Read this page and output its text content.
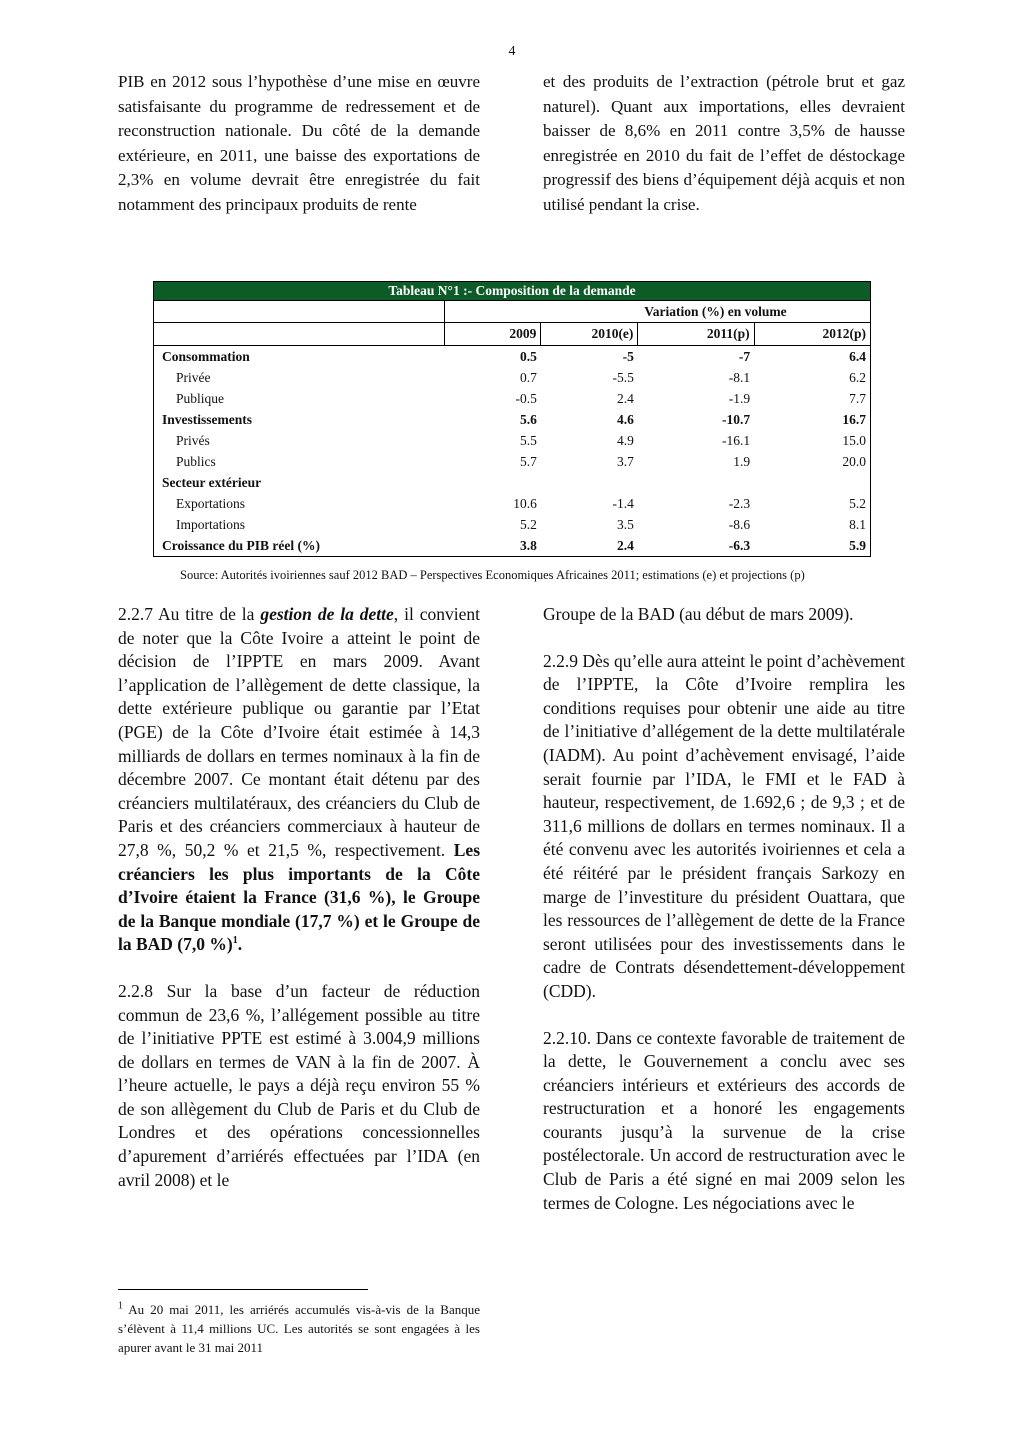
4

PIB en 2012 sous l’hypothèse d’une mise en œuvre satisfaisante du programme de redressement et de reconstruction nationale. Du côté de la demande extérieure, en 2011, une baisse des exportations de 2,3% en volume devrait être enregistrée du fait notamment des principaux produits de rente

et des produits de l’extraction (pétrole brut et gaz naturel). Quant aux importations, elles devraient baisser de 8,6% en 2011 contre 3,5% de hausse enregistrée en 2010 du fait de l’effet de déstockage progressif des biens d’équipement déjà acquis et non utilisé pendant la crise.

Tableau N°1 :- Composition de la demande				
	Variation (%) en volume			
	2009	2010(e)	2011(p)	2012(p)
Consommation	0.5	-5	-7	6.4
Privée	0.7	-5.5	-8.1	6.2
Publique	-0.5	2.4	-1.9	7.7
Investissements	5.6	4.6	-10.7	16.7
Privés	5.5	4.9	-16.1	15.0
Publics	5.7	3.7	1.9	20.0
Secteur extérieur				
Exportations	10.6	-1.4	-2.3	5.2
Importations	5.2	3.5	-8.6	8.1
Croissance du PIB réel (%)	3.8	2.4	-6.3	5.9
Source: Autorités ivoiriennes sauf 2012 BAD – Perspectives Economiques Africaines 2011; estimations (e) et projections (p)

2.2.7 Au titre de la gestion de la dette, il convient de noter que la Côte Ivoire a atteint le point de décision de l’IPPTE en mars 2009. Avant l’application de l’allègement de dette classique, la dette extérieure publique ou garantie par l’Etat (PGE) de la Côte d’Ivoire était estimée à 14,3 milliards de dollars en termes nominaux à la fin de décembre 2007. Ce montant était détenu par des créanciers multilatéraux, des créanciers du Club de Paris et des créanciers commerciaux à hauteur de 27,8 %, 50,2 % et 21,5 %, respectivement. Les créanciers les plus importants de la Côte d’Ivoire étaient la France (31,6 %), le Groupe de la Banque mondiale (17,7 %) et le Groupe de la BAD (7,0 %)$^1$.

2.2.8 Sur la base d’un facteur de réduction commun de 23,6 %, l’allégement possible au titre de l’initiative PPTE est estimé à 3.004,9 millions de dollars en termes de VAN à la fin de 2007. À l’heure actuelle, le pays a déjà reçu environ 55 % de son allègement du Club de Paris et du Club de Londres et des opérations concessionnelles d’apurement d’arriérés effectuées par l’IDA (en avril 2008) et le

Groupe de la BAD (au début de mars 2009).

2.2.9 Dès qu’elle aura atteint le point d’achèvement de l’IPPTE, la Côte d’Ivoire remplira les conditions requises pour obtenir une aide au titre de l’initiative d’allégement de la dette multilatérale (IADM). Au point d’achèvement envisagé, l’aide serait fournie par l’IDA, le FMI et le FAD à hauteur, respectivement, de 1.692,6 ; de 9,3 ; et de 311,6 millions de dollars en termes nominaux. Il a été convenu avec les autorités ivoiriennes et cela a été réitéré par le président français Sarkozy en marge de l’investiture du président Ouattara, que les ressources de l’allègement de dette de la France seront utilisées pour des investissements dans le cadre de Contrats désendettement-développement (CDD).

2.2.10. Dans ce contexte favorable de traitement de la dette, le Gouvernement a conclu avec ses créanciers intérieurs et extérieurs des accords de restructuration et a honoré les engagements courants jusqu’à la survenue de la crise postélectorale. Un accord de restructuration avec le Club de Paris a été signé en mai 2009 selon les termes de Cologne. Les négociations avec le

$^1$ Au 20 mai 2011, les arriérés accumulés vis-à-vis de la Banque s’élèvent à 11,4 millions UC. Les autorités se sont engagées à les apurer avant le 31 mai 2011
